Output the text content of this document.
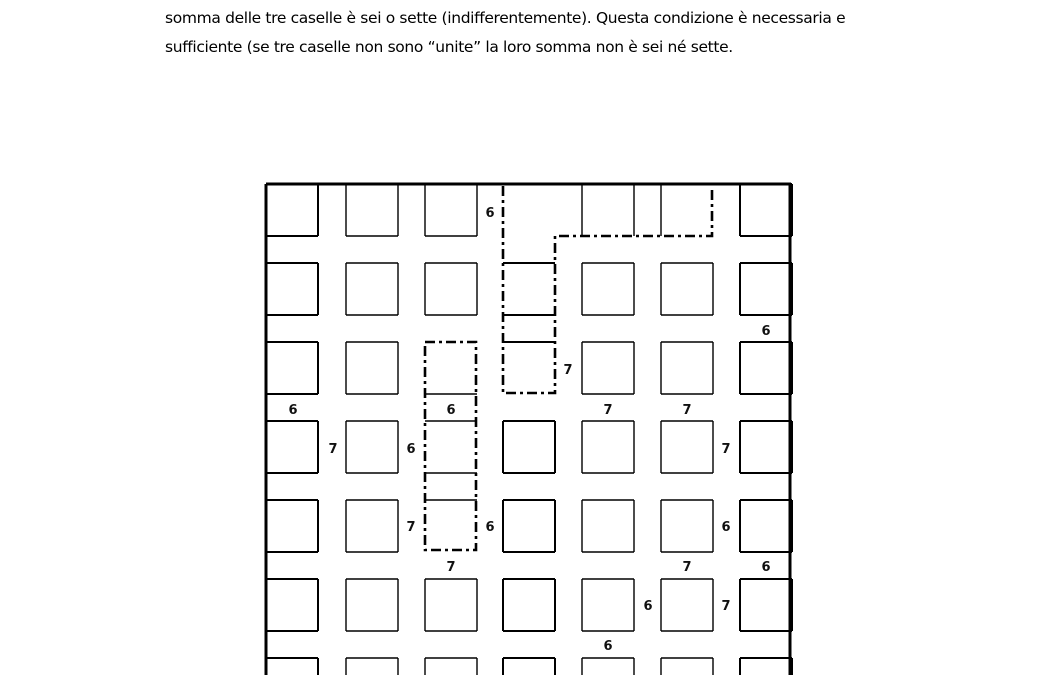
somma delle tre caselle è sei o sette (indifferentemente). Questa condizione è necessaria e

sufficiente (se tre caselle non sono “unite” la loro somma non è sei né sette.

6
6
7
6	6	7	7
7	6	7
7	6	6
7	7	6
6	7
6
